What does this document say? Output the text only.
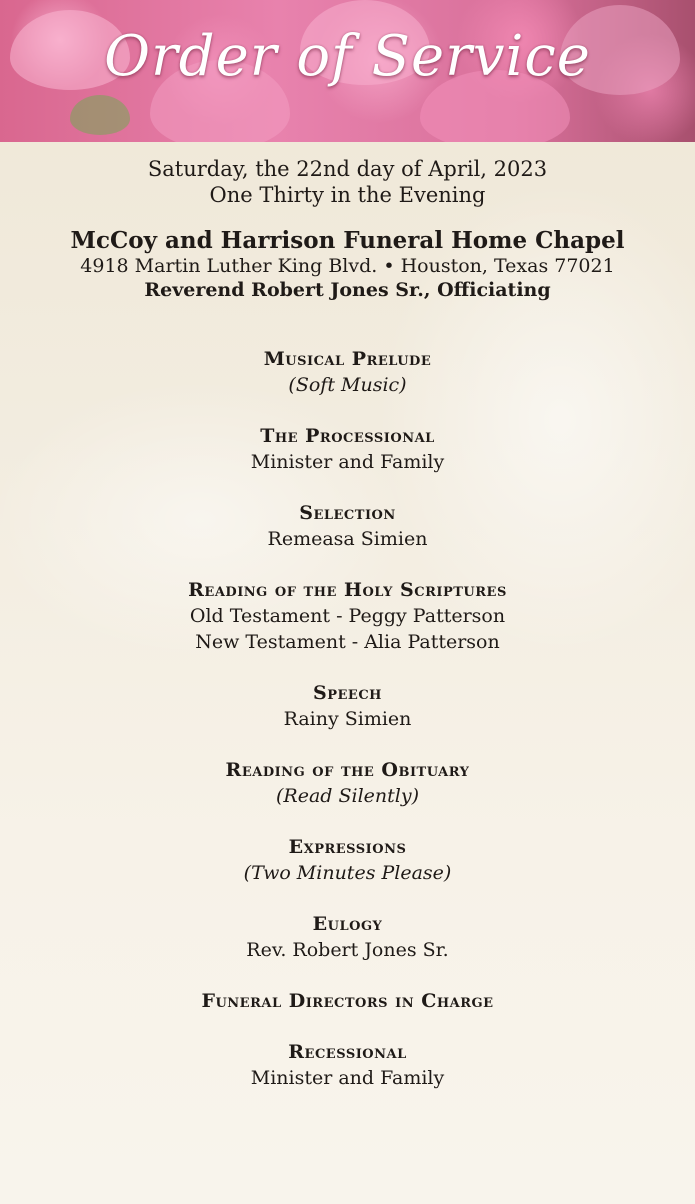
Order of Service
Saturday, the 22nd day of April, 2023
One Thirty in the Evening
McCoy and Harrison Funeral Home Chapel
4918 Martin Luther King Blvd. • Houston, Texas 77021
Reverend Robert Jones Sr., Officiating
Musical Prelude
(Soft Music)
The Processional
Minister and Family
Selection
Remeasa Simien
Reading of the Holy Scriptures
Old Testament - Peggy Patterson
New Testament - Alia Patterson
Speech
Rainy Simien
Reading of the Obituary
(Read Silently)
Expressions
(Two Minutes Please)
Eulogy
Rev. Robert Jones Sr.
Funeral Directors in Charge
Recessional
Minister and Family
